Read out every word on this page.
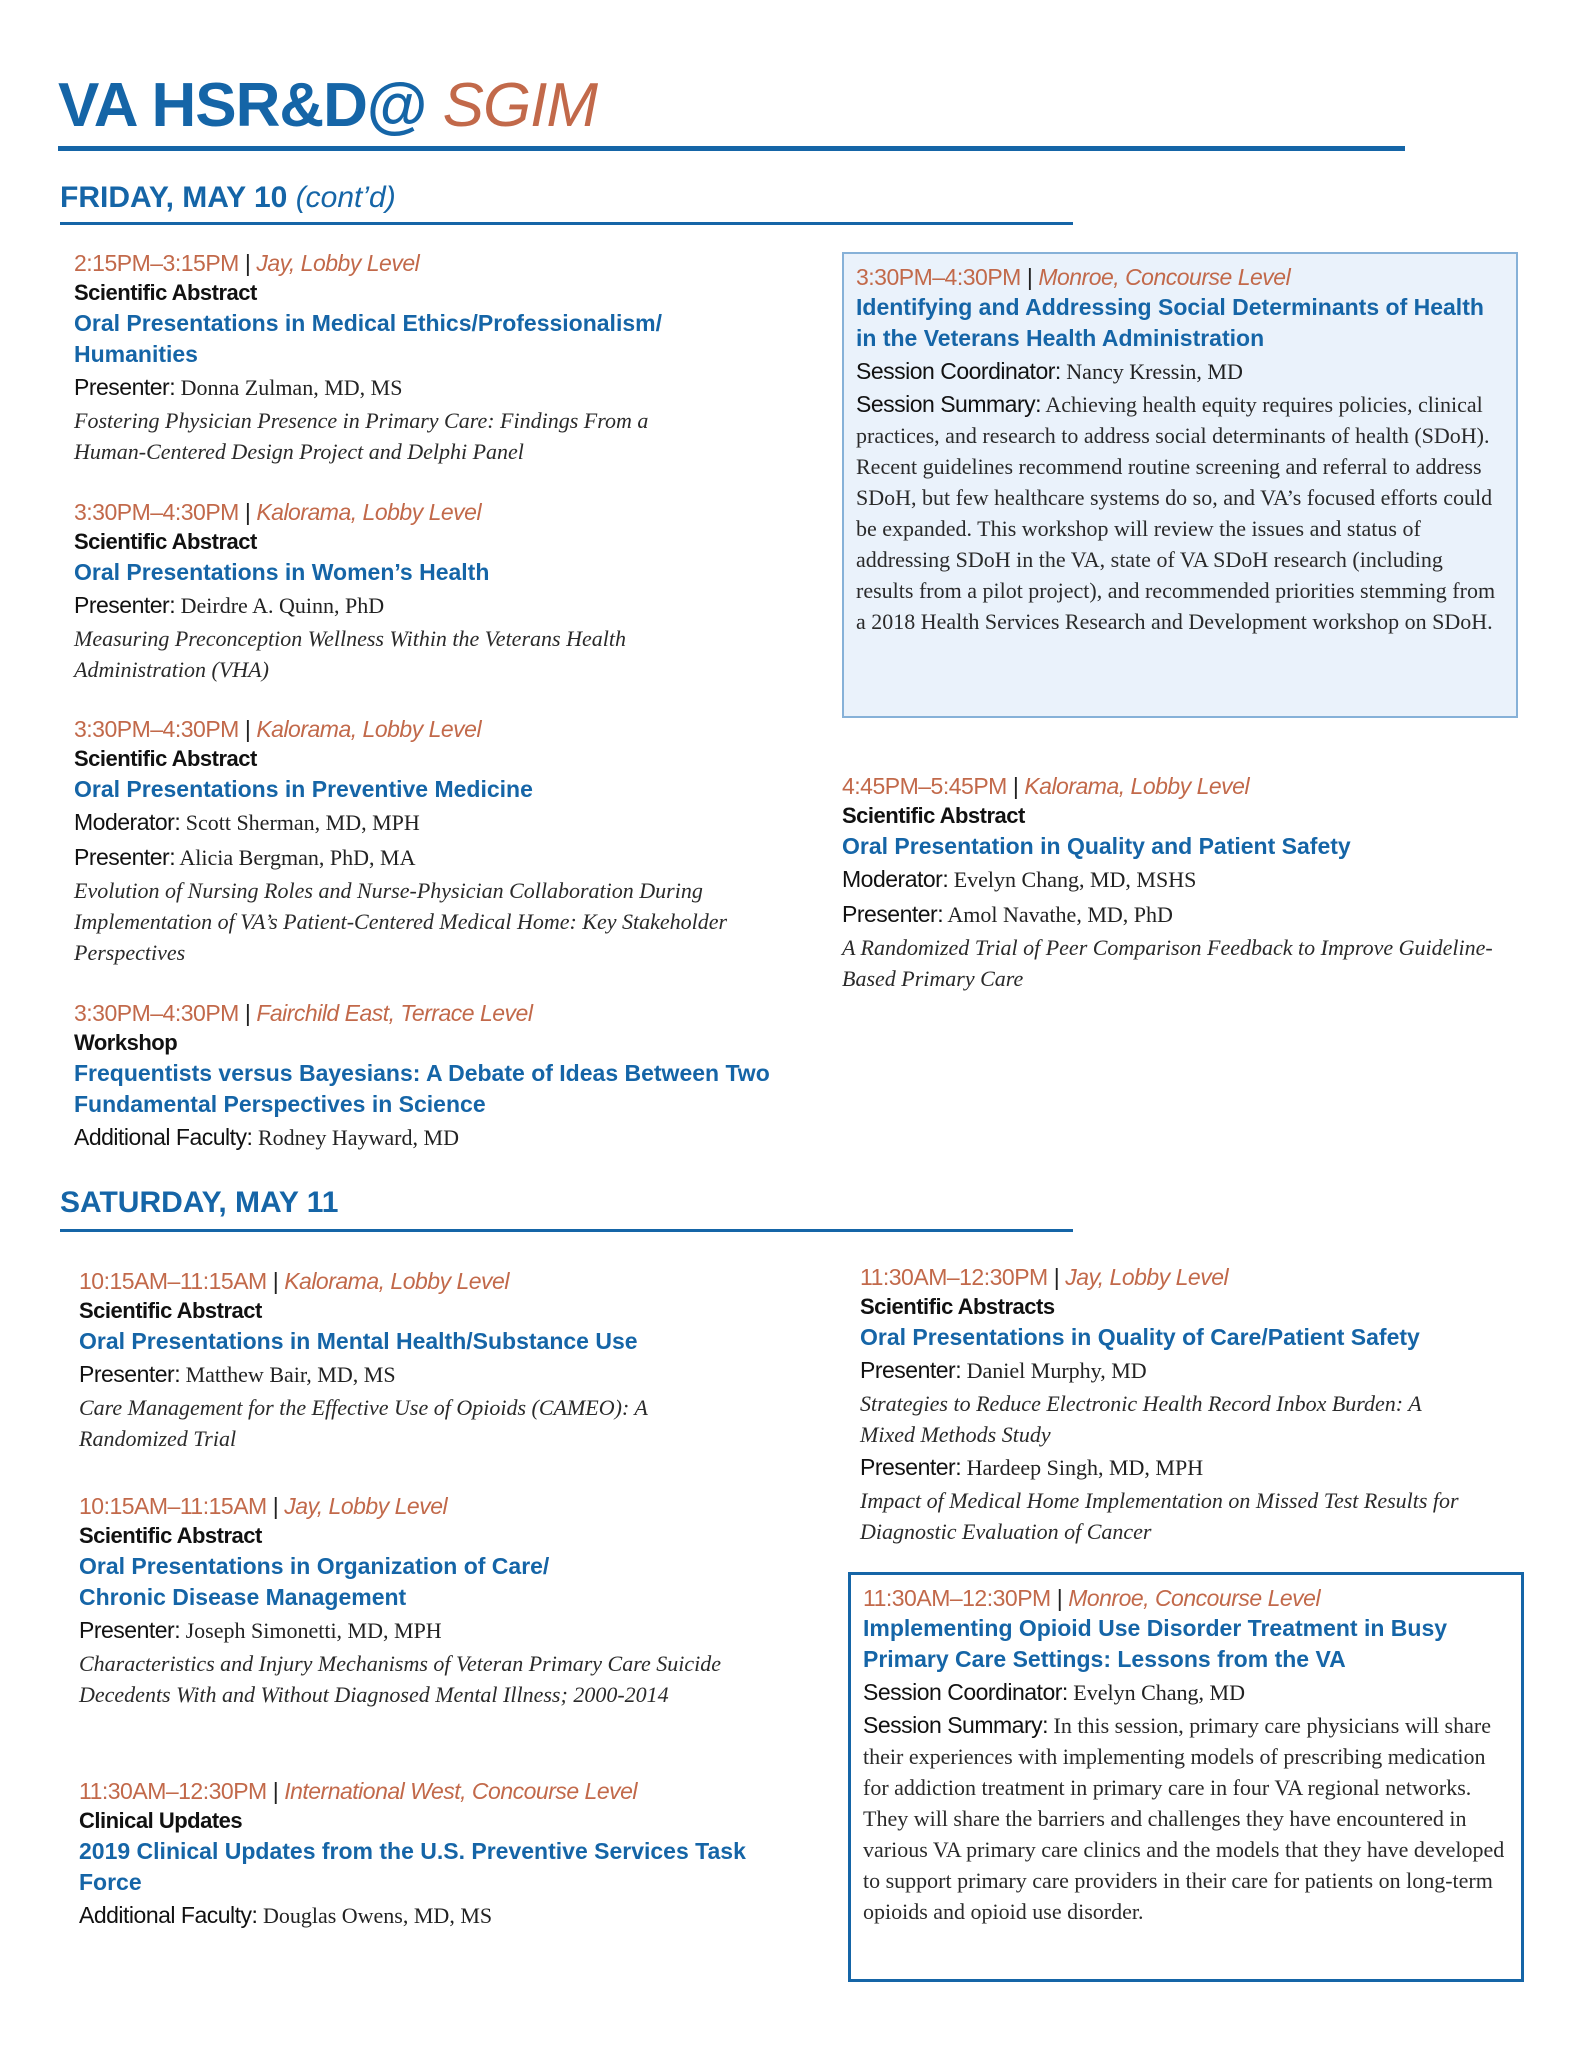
VA HSR&D@ SGIM
FRIDAY, MAY 10 (cont’d)
2:15PM–3:15PM | Jay, Lobby Level
Scientific Abstract
Oral Presentations in Medical Ethics/Professionalism/ Humanities
Presenter: Donna Zulman, MD, MS
Fostering Physician Presence in Primary Care: Findings From a Human-Centered Design Project and Delphi Panel
3:30PM–4:30PM | Kalorama, Lobby Level
Scientific Abstract
Oral Presentations in Women’s Health
Presenter: Deirdre A. Quinn, PhD
Measuring Preconception Wellness Within the Veterans Health Administration (VHA)
3:30PM–4:30PM | Kalorama, Lobby Level
Scientific Abstract
Oral Presentations in Preventive Medicine
Moderator: Scott Sherman, MD, MPH
Presenter: Alicia Bergman, PhD, MA
Evolution of Nursing Roles and Nurse-Physician Collaboration During Implementation of VA’s Patient-Centered Medical Home: Key Stakeholder Perspectives
3:30PM–4:30PM | Fairchild East, Terrace Level
Workshop
Frequentists versus Bayesians: A Debate of Ideas Between Two Fundamental Perspectives in Science
Additional Faculty: Rodney Hayward, MD
3:30PM–4:30PM | Monroe, Concourse Level
Identifying and Addressing Social Determinants of Health in the Veterans Health Administration
Session Coordinator: Nancy Kressin, MD
Session Summary: Achieving health equity requires policies, clinical practices, and research to address social determinants of health (SDoH). Recent guidelines recommend routine screening and referral to address SDoH, but few healthcare systems do so, and VA’s focused efforts could be expanded. This workshop will review the issues and status of addressing SDoH in the VA, state of VA SDoH research (including results from a pilot project), and recommended priorities stemming from a 2018 Health Services Research and Development workshop on SDoH.
4:45PM–5:45PM | Kalorama, Lobby Level
Scientific Abstract
Oral Presentation in Quality and Patient Safety
Moderator: Evelyn Chang, MD, MSHS
Presenter: Amol Navathe, MD, PhD
A Randomized Trial of Peer Comparison Feedback to Improve Guideline-Based Primary Care
SATURDAY, MAY 11
10:15AM–11:15AM | Kalorama, Lobby Level
Scientific Abstract
Oral Presentations in Mental Health/Substance Use
Presenter: Matthew Bair, MD, MS
Care Management for the Effective Use of Opioids (CAMEO): A Randomized Trial
10:15AM–11:15AM | Jay, Lobby Level
Scientific Abstract
Oral Presentations in Organization of Care/ Chronic Disease Management
Presenter: Joseph Simonetti, MD, MPH
Characteristics and Injury Mechanisms of Veteran Primary Care Suicide Decedents With and Without Diagnosed Mental Illness; 2000-2014
11:30AM–12:30PM | International West, Concourse Level
Clinical Updates
2019 Clinical Updates from the U.S. Preventive Services Task Force
Additional Faculty: Douglas Owens, MD, MS
11:30AM–12:30PM | Jay, Lobby Level
Scientific Abstracts
Oral Presentations in Quality of Care/Patient Safety
Presenter: Daniel Murphy, MD
Strategies to Reduce Electronic Health Record Inbox Burden: A Mixed Methods Study
Presenter: Hardeep Singh, MD, MPH
Impact of Medical Home Implementation on Missed Test Results for Diagnostic Evaluation of Cancer
11:30AM–12:30PM | Monroe, Concourse Level
Implementing Opioid Use Disorder Treatment in Busy Primary Care Settings: Lessons from the VA
Session Coordinator: Evelyn Chang, MD
Session Summary: In this session, primary care physicians will share their experiences with implementing models of prescribing medication for addiction treatment in primary care in four VA regional networks. They will share the barriers and challenges they have encountered in various VA primary care clinics and the models that they have developed to support primary care providers in their care for patients on long-term opioids and opioid use disorder.
